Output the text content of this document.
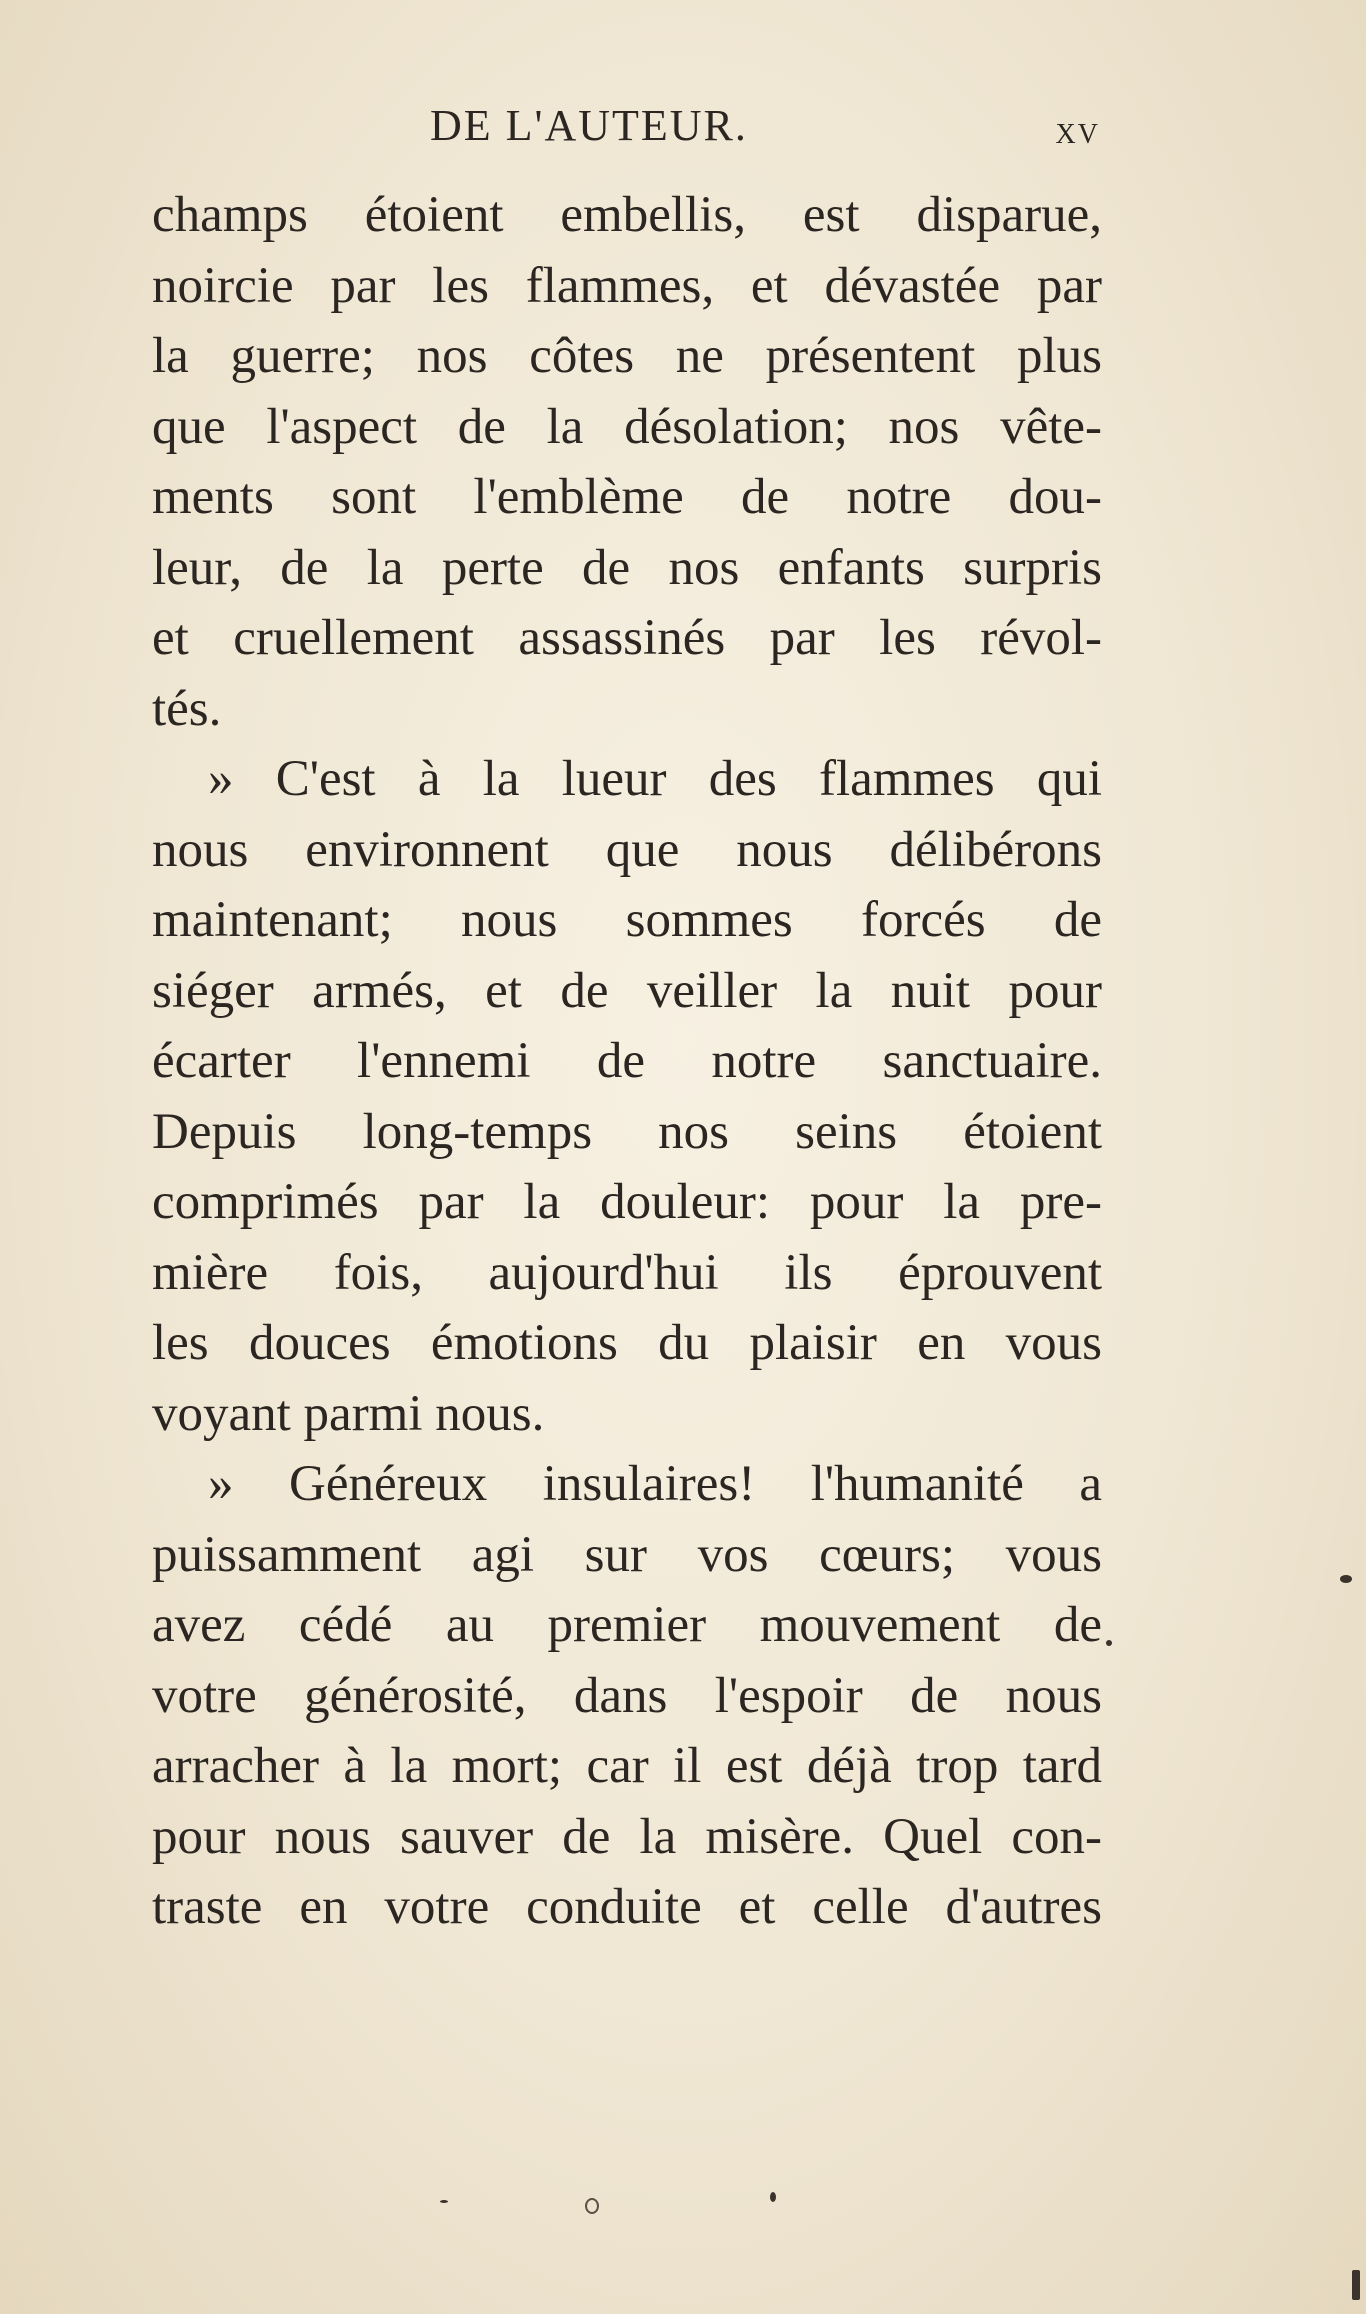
DE L'AUTEUR.	xv
champs étoient embellis, est disparue,
noircie par les flammes, et dévastée par
la guerre; nos côtes ne présentent plus
que l'aspect de la désolation; nos vête-
ments sont l'emblème de notre dou-
leur, de la perte de nos enfants surpris
et cruellement assassinés par les révol-
tés.
» C'est à la lueur des flammes qui
nous environnent que nous délibérons
maintenant; nous sommes forcés de
siéger armés, et de veiller la nuit pour
écarter l'ennemi de notre sanctuaire.
Depuis long-temps nos seins étoient
comprimés par la douleur: pour la pre-
mière fois, aujourd'hui ils éprouvent
les douces émotions du plaisir en vous
voyant parmi nous.
» Généreux insulaires! l'humanité a
puissamment agi sur vos cœurs; vous
avez cédé au premier mouvement de
votre générosité, dans l'espoir de nous
arracher à la mort; car il est déjà trop tard
pour nous sauver de la misère. Quel con-
traste en votre conduite et celle d'autres
